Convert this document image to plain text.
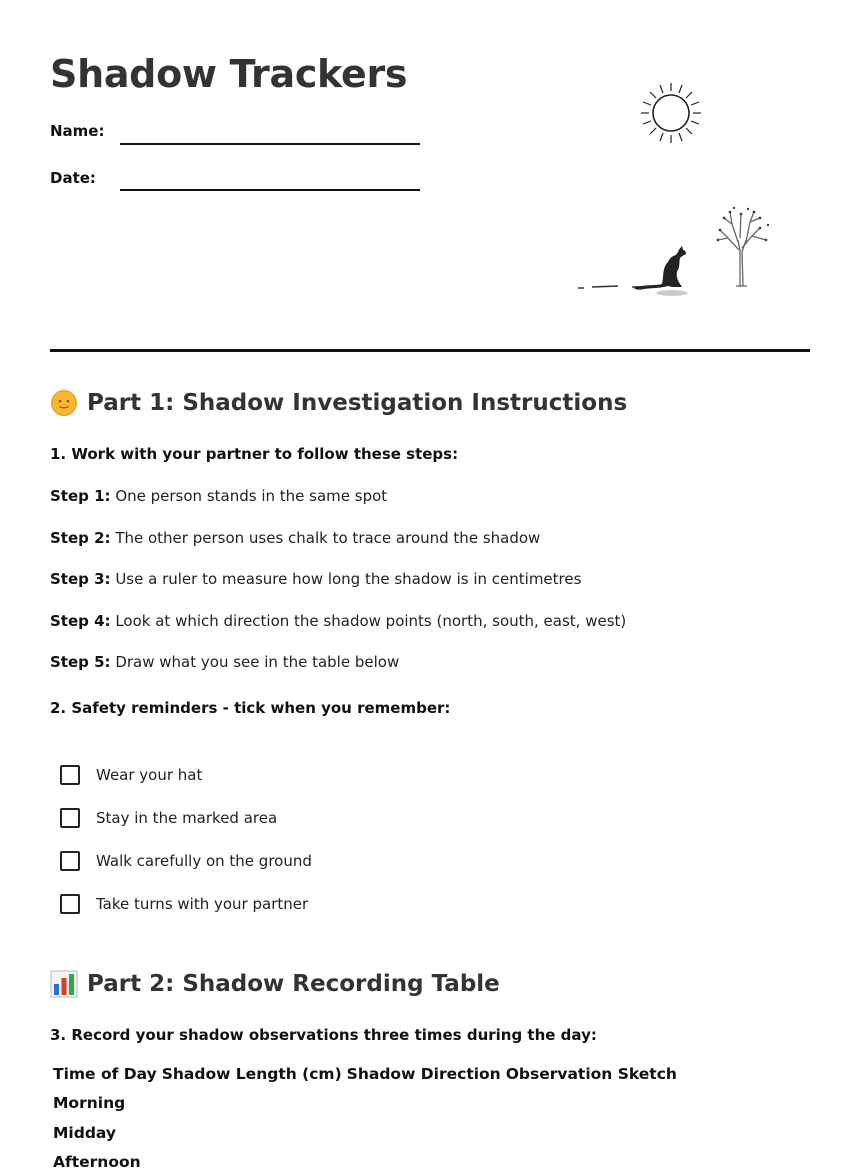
Shadow Trackers
Name:
Date:
Part 1: Shadow Investigation Instructions
1. Work with your partner to follow these steps:
Step 1: One person stands in the same spot
Step 2: The other person uses chalk to trace around the shadow
Step 3: Use a ruler to measure how long the shadow is in centimetres
Step 4: Look at which direction the shadow points (north, south, east, west)
Step 5: Draw what you see in the table below
2. Safety reminders - tick when you remember:
Wear your hat
Stay in the marked area
Walk carefully on the ground
Take turns with your partner
Part 2: Shadow Recording Table
3. Record your shadow observations three times during the day:
Time of Day Shadow Length (cm) Shadow Direction Observation Sketch
Morning
Midday
Afternoon
